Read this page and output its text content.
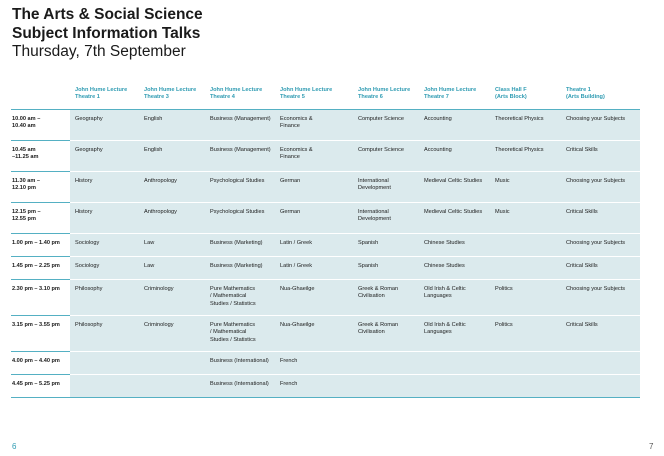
The Arts & Social Science
Subject Information Talks
Thursday, 7th September
	John Hume Lecture
Theatre 1	John Hume Lecture
Theatre 3	John Hume Lecture
Theatre 4	John Hume Lecture
Theatre 5	John Hume Lecture
Theatre 6	John Hume Lecture
Theatre 7	Class Hall F
(Arts Block)	Theatre 1
(Arts Building)
10.00 am –
10.40 am	Geography	English	Business (Management)	Economics &
Finance	Computer Science	Accounting	Theoretical Physics	Choosing your Subjects
10.45 am
–11.25 am	Geography	English	Business (Management)	Economics &
Finance	Computer Science	Accounting	Theoretical Physics	Critical Skills
11.30 am –
12.10 pm	History	Anthropology	Psychological Studies	German	International
Development	Medieval Celtic Studies	Music	Choosing your Subjects
12.15 pm –
12.55 pm	History	Anthropology	Psychological Studies	German	International
Development	Medieval Celtic Studies	Music	Critical Skills
1.00 pm – 1.40 pm	Sociology	Law	Business (Marketing)	Latin / Greek	Spanish	Chinese Studies		Choosing your Subjects
1.45 pm – 2.25 pm	Sociology	Law	Business (Marketing)	Latin / Greek	Spanish	Chinese Studies		Critical Skills
2.30 pm – 3.10 pm	Philosophy	Criminology	Pure Mathematics
/ Mathematical
Studies / Statistics	Nua-Ghaeilge	Greek & Roman
Civilisation	Old Irish & Celtic
Languages	Politics	Choosing your Subjects
3.15 pm – 3.55 pm	Philosophy	Criminology	Pure Mathematics
/ Mathematical
Studies / Statistics	Nua-Ghaeilge	Greek & Roman
Civilisation	Old Irish & Celtic
Languages	Politics	Critical Skills
4.00 pm – 4.40 pm			Business (International)	French				
4.45 pm – 5.25 pm			Business (International)	French				
6	7
